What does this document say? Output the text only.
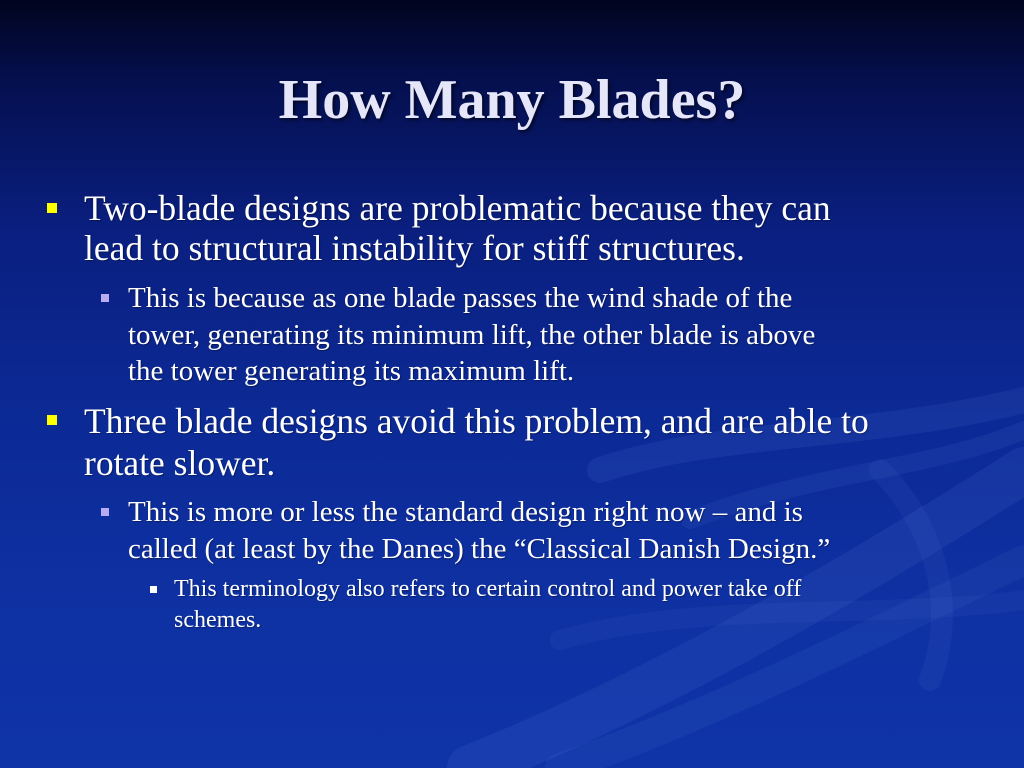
How Many Blades?
Two-blade designs are problematic because they can
lead to structural instability for stiff structures.
This is because as one blade passes the wind shade of the
tower, generating its minimum lift, the other blade is above
the tower generating its maximum lift.
Three blade designs avoid this problem, and are able to
rotate slower.
This is more or less the standard design right now – and is
called (at least by the Danes) the “Classical Danish Design.”
This terminology also refers to certain control and power take off
schemes.
